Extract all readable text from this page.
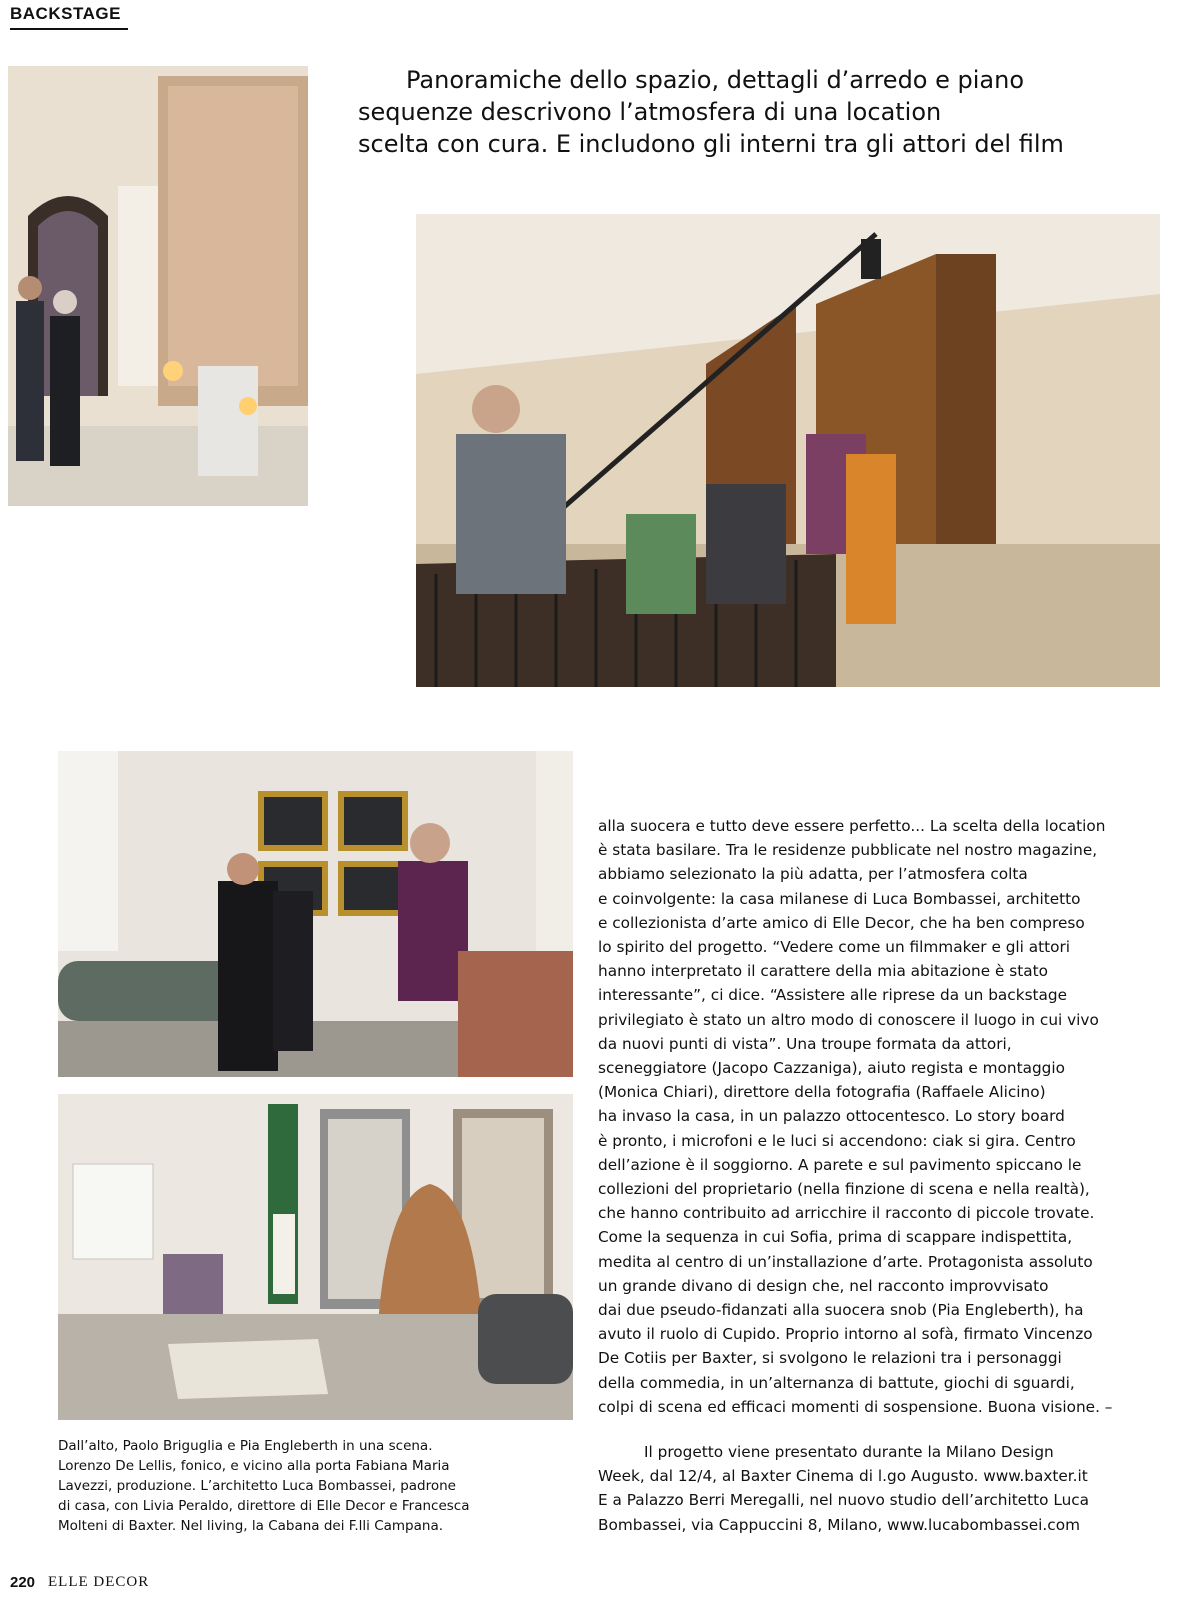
BACKSTAGE
Panoramiche dello spazio, dettagli d’arredo e piano
sequenze descrivono l’atmosfera di una location
scelta con cura. E includono gli interni tra gli attori del film
Dall’alto, Paolo Briguglia e Pia Engleberth in una scena.
Lorenzo De Lellis, fonico, e vicino alla porta Fabiana Maria
Lavezzi, produzione. L’architetto Luca Bombassei, padrone
di casa, con Livia Peraldo, direttore di Elle Decor e Francesca
Molteni di Baxter. Nel living, la Cabana dei F.lli Campana.
alla suocera e tutto deve essere perfetto... La scelta della location
è stata basilare. Tra le residenze pubblicate nel nostro magazine,
abbiamo selezionato la più adatta, per l’atmosfera colta
e coinvolgente: la casa milanese di Luca Bombassei, architetto
e collezionista d’arte amico di Elle Decor, che ha ben compreso
lo spirito del progetto. “Vedere come un filmmaker e gli attori
hanno interpretato il carattere della mia abitazione è stato
interessante”, ci dice. “Assistere alle riprese da un backstage
privilegiato è stato un altro modo di conoscere il luogo in cui vivo
da nuovi punti di vista”. Una troupe formata da attori,
sceneggiatore (Jacopo Cazzaniga), aiuto regista e montaggio
(Monica Chiari), direttore della fotografia (Raffaele Alicino)
ha invaso la casa, in un palazzo ottocentesco. Lo story board
è pronto, i microfoni e le luci si accendono: ciak si gira. Centro
dell’azione è il soggiorno. A parete e sul pavimento spiccano le
collezioni del proprietario (nella finzione di scena e nella realtà),
che hanno contribuito ad arricchire il racconto di piccole trovate.
Come la sequenza in cui Sofia, prima di scappare indispettita,
medita al centro di un’installazione d’arte. Protagonista assoluto
un grande divano di design che, nel racconto improvvisato
dai due pseudo-fidanzati alla suocera snob (Pia Engleberth), ha
avuto il ruolo di Cupido. Proprio intorno al sofà, firmato Vincenzo
De Cotiis per Baxter, si svolgono le relazioni tra i personaggi
della commedia, in un’alternanza di battute, giochi di sguardi,
colpi di scena ed efficaci momenti di sospensione. Buona visione. –
Il progetto viene presentato durante la Milano Design
Week, dal 12/4, al Baxter Cinema di l.go Augusto. www.baxter.it
E a Palazzo Berri Meregalli, nel nuovo studio dell’architetto Luca
Bombassei, via Cappuccini 8, Milano, www.lucabombassei.com
220 ELLE DECOR
